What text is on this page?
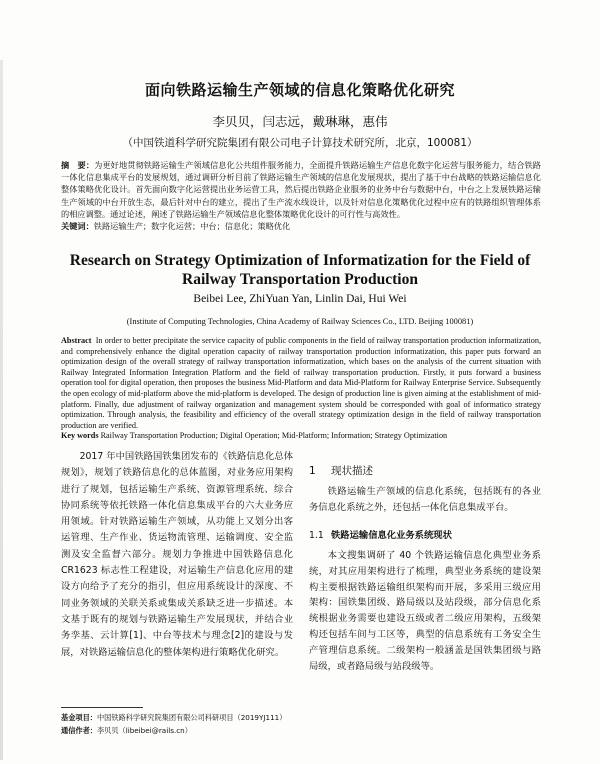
面向铁路运输生产领域的信息化策略优化研究
李贝贝，闫志远，戴琳琳，惠伟
（中国铁道科学研究院集团有限公司电子计算技术研究所，北京，100081）
摘　要：为更好地贯彻铁路运输生产领域信息化公共组件服务能力，全面提升铁路运输生产信息化数字化运营与服务能力，结合铁路一体化信息集成平台的发展规划，通过调研分析目前了铁路运输生产领域的信息化发展现状，提出了基于中台战略的铁路运输信息化整体策略优化设计。首先面向数字化运营提出业务运营工具，然后提出铁路企业服务的业务中台与数据中台，中台之上发展铁路运输生产领域的中台开放生态，最后针对中台的建立，提出了生产流水线设计，以及针对信息化策略优化过程中应有的铁路组织管理体系的相应调整。通过论述，阐述了铁路运输生产领域信息化整体策略优化设计的可行性与高效性。
关键词：铁路运输生产；数字化运营；中台；信息化；策略优化
Research on Strategy Optimization of Informatization for the Field of Railway Transportation Production
Beibei Lee, ZhiYuan Yan, Linlin Dai, Hui Wei
(Institute of Computing Technologies, China Academy of Railway Sciences Co., LTD. Beijing 100081)
Abstract In order to better precipitate the service capacity of public components in the field of railway transportation production informatization, and comprehensively enhance the digital operation capacity of railway transportation production informatization, this paper puts forward an optimization design of the overall strategy of railway transportation informatization, which bases on the analysis of the current situation with Railway Integrated Information Integration Platform and the field of railway transportation production. Firstly, it puts forward a business operation tool for digital operation, then proposes the business Mid-Platform and data Mid-Platform for Railway Enterprise Service. Subsequently the open ecology of mid-platform above the mid-platform is developed. The design of production line is given aiming at the establishment of mid-platform. Finally, due adjustment of railway organization and management system should be corresponded with goal of informatico strategy optimization. Through analysis, the feasibility and efficiency of the overall strategy optimization design in the field of railway transportation production are verified.
Key words Railway Transportation Production; Digital Operation; Mid-Platform; Information; Strategy Optimization
2017 年中国铁路国铁集团发布的《铁路信息化总体规划》，规划了铁路信息化的总体蓝图，对业务应用架构进行了规划，包括运输生产系统、资源管理系统、综合协同系统等依托铁路一体化信息集成平台的六大业务应用领域。针对铁路运输生产领域，从功能上又划分出客运管理、生产作业、货运物流管理、运输调度、安全监测及安全监督六部分。规划力争推进中国铁路信息化 CR1623 标志性工程建设，对运输生产信息化应用的建设方向给予了充分的指引，但应用系统设计的深度、不同业务领域的关联关系或集成关系缺乏进一步描述。本文基于既有的规划与铁路运输生产发展现状，并结合业务孪基、云计算[1]、中台等技术与理念[2]的建设与发展，对铁路运输信息化的整体架构进行策略优化研究。
1 现状描述
铁路运输生产领域的信息化系统，包括既有的各业务信息化系统之外，还包括一体化信息集成平台。
1.1 铁路运输信息化业务系统现状
本文搜集调研了 40 个铁路运输信息化典型业务系统，对其应用架构进行了梳理，典型业务系统的建设架构主要根据铁路运输组织架构而开展，多采用三级应用架构：国铁集团级、路局级以及站段级，部分信息化系统根据业务需要也建设五级或者二级应用架构，五级架构还包括车间与工区等，典型的信息系统有工务安全生产管理信息系统。二级架构一般涵盖是国铁集团级与路局级，或者路局级与站段级等。
基金项目：中国铁路科学研究院集团有限公司科研项目（2019YJ111）
通信作者：李贝贝（libeibei@rails.cn）
